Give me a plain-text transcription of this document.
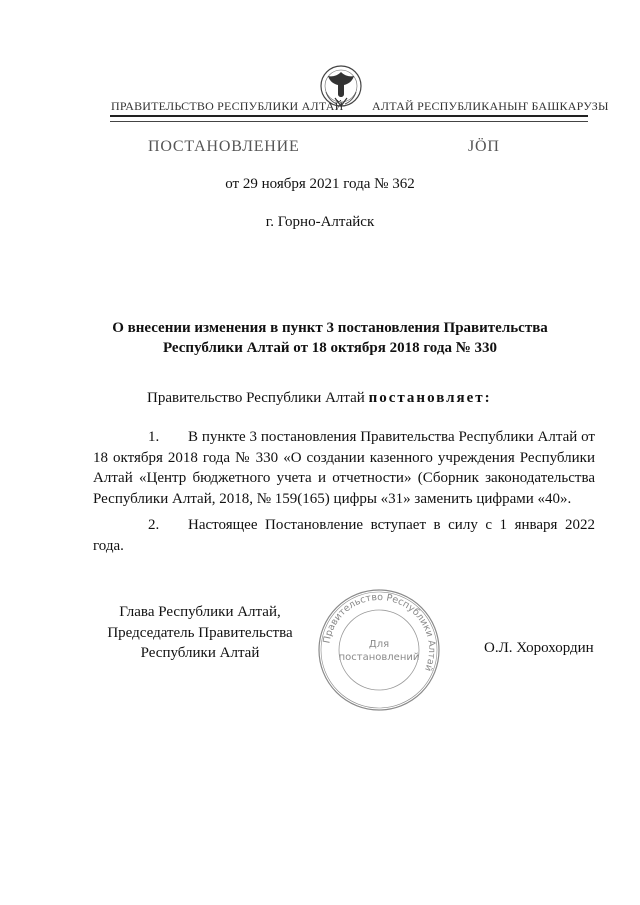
ПРАВИТЕЛЬСТВО РЕСПУБЛИКИ АЛТАЙ АЛТАЙ РЕСПУБЛИКАНЫҤ БАШКАРУЗЫ
ПОСТАНОВЛЕНИЕ	JÖП
от 29 ноября 2021 года № 362
г. Горно-Алтайск
О внесении изменения в пункт 3 постановления Правительства
Республики Алтай от 18 октября 2018 года № 330
Правительство Республики Алтай постановляет:
1. В пункте 3 постановления Правительства Республики Алтай от 18 октября 2018 года № 330 «О создании казенного учреждения Республики Алтай «Центр бюджетного учета и отчетности» (Сборник законодательства Республики Алтай, 2018, № 159(165) цифры «31» заменить цифрами «40».
2. Настоящее Постановление вступает в силу с 1 января 2022 года.
Глава Республики Алтай,
Председатель Правительства
Республики Алтай
Правительство Республики Алтай
Для
постановлений
О.Л. Хорохордин
